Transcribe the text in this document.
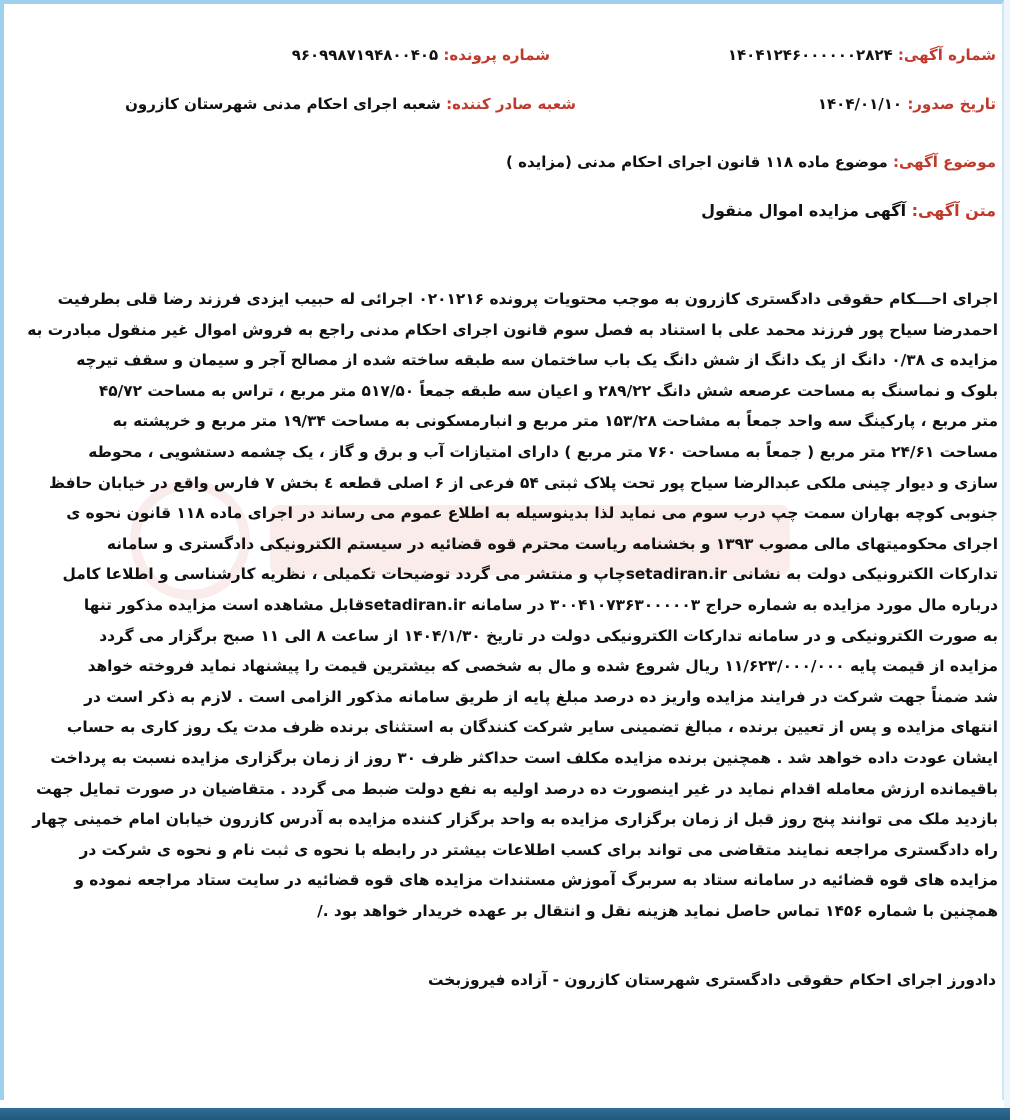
شماره آگهی: ۱۴۰۴۱۲۴۶۰۰۰۰۰۰۲۸۲۴
شماره پرونده: ۹۶۰۹۹۸۷۱۹۴۸۰۰۴۰۵
تاریخ صدور: ۱۴۰۴/۰۱/۱۰
شعبه صادر کننده: شعبه اجرای احکام مدنی شهرستان کازرون
موضوع آگهی: موضوع ماده ۱۱۸ قانون اجرای احکام مدنی (مزایده )
متن آگهی: آگهی مزایده اموال منقول
اجرای احـــکام حقوقی دادگستری کازرون به موجب محتویات پرونده ۰۲۰۱۲۱۶ اجرائی له حبیب ایزدی فرزند رضا قلی بطرفیت
احمدرضا سیاح پور فرزند محمد علی با استناد به فصل سوم قانون اجرای احکام مدنی راجع به فروش اموال غیر منقول مبادرت به
مزایده ی ۰/۳۸ دانگ از یک دانگ از شش دانگ یک باب ساختمان سه طبقه ساخته شده از مصالح آجر و سیمان و سقف تیرچه
بلوک و نماسنگ به مساحت عرصعه شش دانگ ۲۸۹/۲۲ و اعیان سه طبقه جمعاً ۵۱۷/۵۰ متر مربع ، تراس به مساحت ۴۵/۷۲
متر مربع ، پارکینگ سه واحد جمعاً به مشاحت ۱۵۳/۲۸ متر مربع و انبارمسکونی به مساحت ۱۹/۳۴ متر مربع و خرپشته به
مساحت ۲۴/۶۱ متر مربع ( جمعاً به مساحت ۷۶۰ متر مربع ) دارای امتیازات آب و برق و گاز ، یک چشمه دستشویی ، محوطه
سازی و دیوار چینی ملکی عبدالرضا سیاح پور تحت پلاک ثبتی ۵۴ فرعی از ۶ اصلی قطعه ٤ بخش ۷ فارس واقع در خیابان حافظ
جنوبی کوچه بهاران سمت چپ درب سوم می نماید لذا بدینوسیله به اطلاع عموم می رساند در اجرای ماده ۱۱۸ قانون نحوه ی
اجرای محکومیتهای مالی مصوب ۱۳۹۳ و بخشنامه ریاست محترم قوه قضائیه در سیستم الکترونیکی دادگستری و سامانه
تدارکات الکترونیکی دولت به نشانی setadiran.irچاپ و منتشر می گردد توضیحات تکمیلی ، نظریه کارشناسی و اطلاعا کامل
درباره مال مورد مزایده به شماره حراج ۳۰۰۴۱۰۷۳۶۳۰۰۰۰۰۳ در سامانه setadiran.irقابل مشاهده است مزایده مذکور تنها
به صورت الکترونیکی و در سامانه تدارکات الکترونیکی دولت در تاریخ ۱۴۰۴/۱/۳۰ از ساعت ۸ الی ۱۱ صبح برگزار می گردد
مزایده از قیمت پایه ۱۱/۶۲۳/۰۰۰/۰۰۰ ریال شروع شده و مال به شخصی که بیشترین قیمت را پیشنهاد نماید فروخته خواهد
شد ضمناً جهت شرکت در فرایند مزایده واریز ده درصد مبلغ پایه از طریق سامانه مذکور الزامی است . لازم به ذکر است در
انتهای مزایده و پس از تعیین برنده ، مبالغ تضمینی سایر شرکت کنندگان به استثنای برنده ظرف مدت یک روز کاری به حساب
ایشان عودت داده خواهد شد . همچنین برنده مزایده مکلف است حداکثر ظرف ۳۰ روز از زمان برگزاری مزایده نسبت به پرداخت
باقیمانده ارزش معامله اقدام نماید در غیر اینصورت ده درصد اولیه به نفع دولت ضبط می گردد . متقاضیان در صورت تمایل جهت
بازدید ملک می توانند پنج روز قبل از زمان برگزاری مزایده به واحد برگزار کننده مزایده به آدرس کازرون خیابان امام خمینی چهار
راه دادگستری مراجعه نمایند متقاضی می تواند برای کسب اطلاعات بیشتر در رابطه با نحوه ی ثبت نام و نحوه ی شرکت در
مزایده های قوه قضائیه در سامانه ستاد به سربرگ آموزش مستندات مزایده های قوه قضائیه در سایت ستاد مراجعه نموده و
همچنین با شماره ۱۴۵۶ تماس حاصل نماید هزینه نقل و انتقال بر عهده خریدار خواهد بود ./
دادورز اجرای احکام حقوقی دادگستری شهرستان کازرون - آزاده فیروزبخت
